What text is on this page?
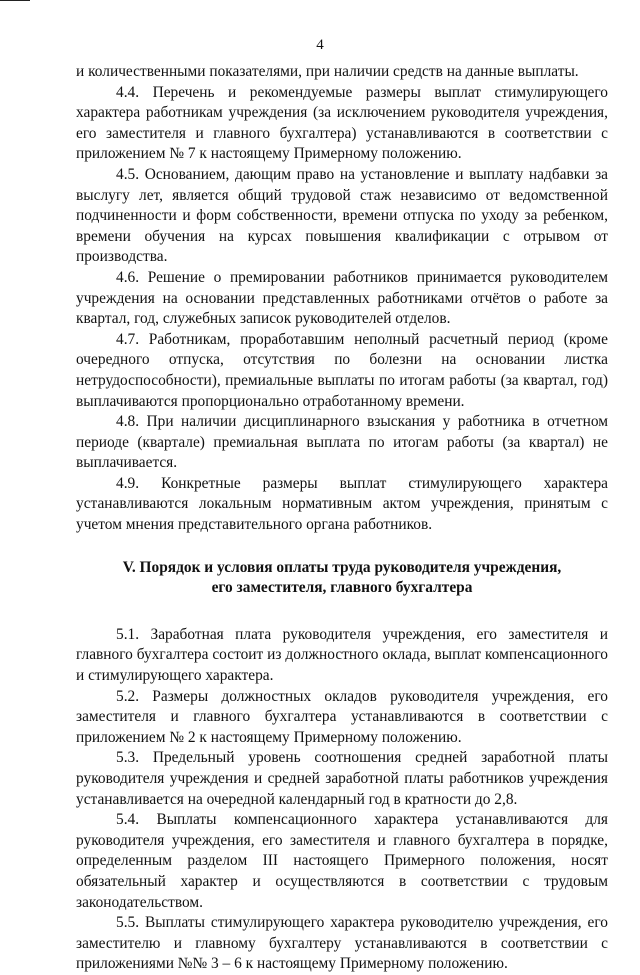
4

и количественными показателями, при наличии средств на данные выплаты.

4.4. Перечень и рекомендуемые размеры выплат стимулирующего характера работникам учреждения (за исключением руководителя учреждения, его заместителя и главного бухгалтера) устанавливаются в соответствии с приложением № 7 к настоящему Примерному положению.

4.5. Основанием, дающим право на установление и выплату надбавки за выслугу лет, является общий трудовой стаж независимо от ведомственной подчиненности и форм собственности, времени отпуска по уходу за ребенком, времени обучения на курсах повышения квалификации с отрывом от производства.

4.6. Решение о премировании работников принимается руководителем учреждения на основании представленных работниками отчётов о работе за квартал, год, служебных записок руководителей отделов.

4.7. Работникам, проработавшим неполный расчетный период (кроме очередного отпуска, отсутствия по болезни на основании листка нетрудоспособности), премиальные выплаты по итогам работы (за квартал, год) выплачиваются пропорционально отработанному времени.

4.8. При наличии дисциплинарного взыскания у работника в отчетном периоде (квартале) премиальная выплата по итогам работы (за квартал) не выплачивается.

4.9. Конкретные размеры выплат стимулирующего характера устанавливаются локальным нормативным актом учреждения, принятым с учетом мнения представительного органа работников.

V. Порядок и условия оплаты труда руководителя учреждения,
его заместителя, главного бухгалтера

5.1. Заработная плата руководителя учреждения, его заместителя и главного бухгалтера состоит из должностного оклада, выплат компенсационного и стимулирующего характера.

5.2. Размеры должностных окладов руководителя учреждения, его заместителя и главного бухгалтера устанавливаются в соответствии с приложением № 2 к настоящему Примерному положению.

5.3. Предельный уровень соотношения средней заработной платы руководителя учреждения и средней заработной платы работников учреждения устанавливается на очередной календарный год в кратности до 2,8.

5.4. Выплаты компенсационного характера устанавливаются для руководителя учреждения, его заместителя и главного бухгалтера в порядке, определенным разделом III настоящего Примерного положения, носят обязательный характер и осуществляются в соответствии с трудовым законодательством.

5.5. Выплаты стимулирующего характера руководителю учреждения, его заместителю и главному бухгалтеру устанавливаются в соответствии с приложениями №№ 3 – 6 к настоящему Примерному положению.
